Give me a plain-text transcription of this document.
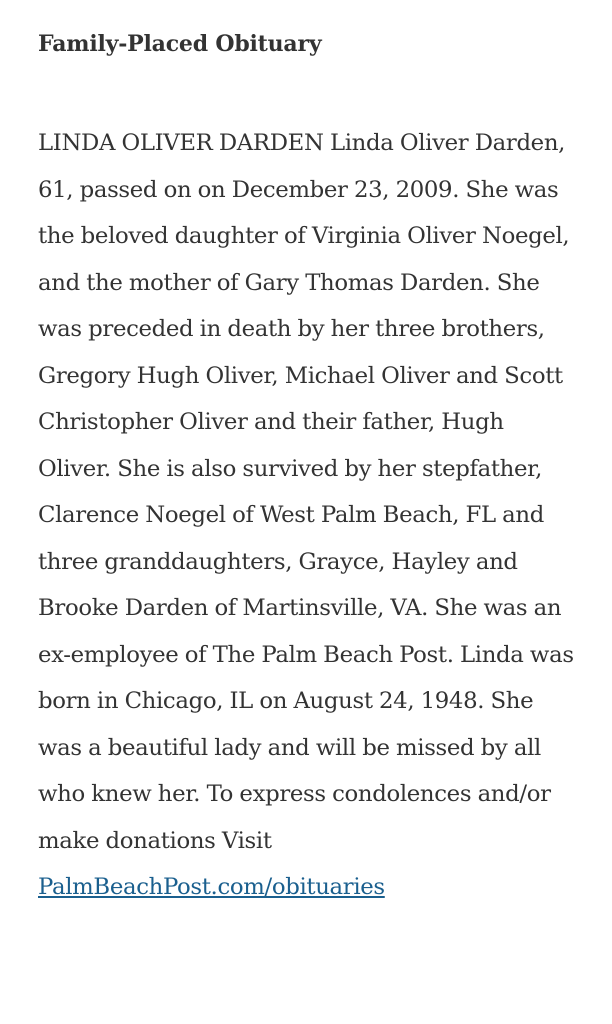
Family-Placed Obituary

LINDA OLIVER DARDEN Linda Oliver Darden, 61, passed on on December 23, 2009. She was the beloved daughter of Virginia Oliver Noegel, and the mother of Gary Thomas Darden. She was preceded in death by her three brothers, Gregory Hugh Oliver, Michael Oliver and Scott Christopher Oliver and their father, Hugh Oliver. She is also survived by her stepfather, Clarence Noegel of West Palm Beach, FL and three granddaughters, Grayce, Hayley and Brooke Darden of Martinsville, VA. She was an ex-employee of The Palm Beach Post. Linda was born in Chicago, IL on August 24, 1948. She was a beautiful lady and will be missed by all who knew her. To express condolences and/or make donations Visit PalmBeachPost.com/obituaries
